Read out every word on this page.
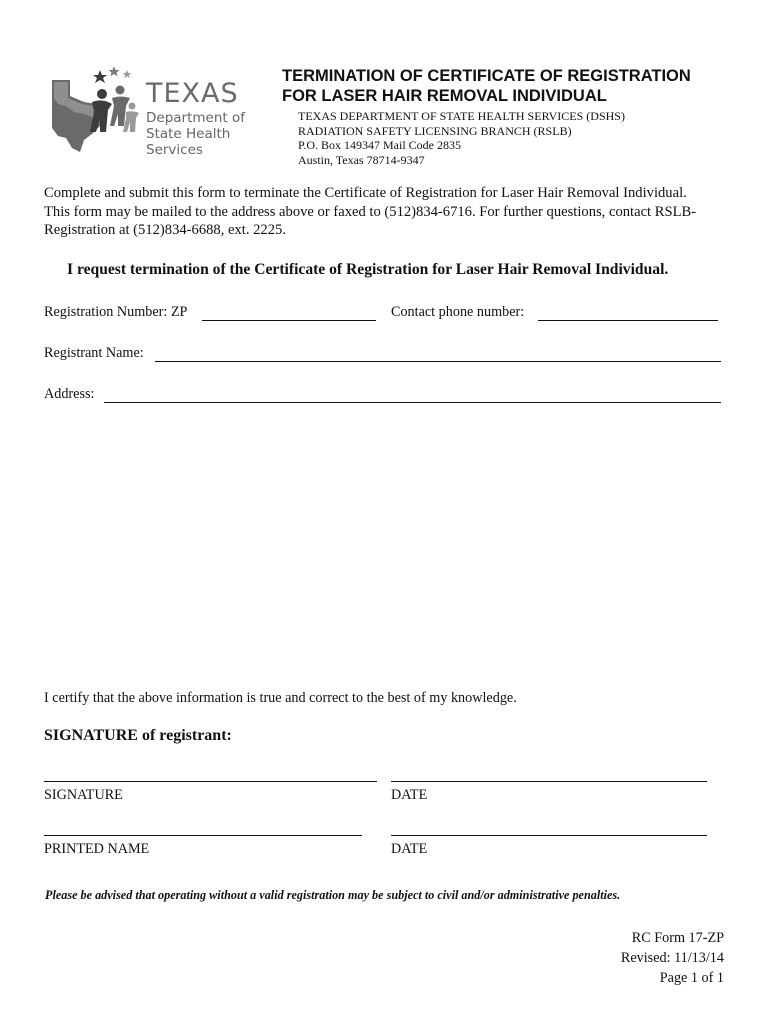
TEXAS
Department of
State Health Services
TERMINATION OF CERTIFICATE OF REGISTRATION
FOR LASER HAIR REMOVAL INDIVIDUAL
TEXAS DEPARTMENT OF STATE HEALTH SERVICES (DSHS)
RADIATION SAFETY LICENSING BRANCH (RSLB)
P.O. Box 149347 Mail Code 2835
Austin, Texas 78714-9347
Complete and submit this form to terminate the Certificate of Registration for Laser Hair Removal Individual.
This form may be mailed to the address above or faxed to (512)834-6716. For further questions, contact RSLB-
Registration at (512)834-6688, ext. 2225.
I request termination of the Certificate of Registration for Laser Hair Removal Individual.
Registration Number: ZP	Contact phone number:
Registrant Name:
Address:
I certify that the above information is true and correct to the best of my knowledge.
SIGNATURE of registrant:
SIGNATURE	DATE
PRINTED NAME	DATE
Please be advised that operating without a valid registration may be subject to civil and/or administrative penalties.
RC Form 17-ZP
Revised: 11/13/14
Page 1 of 1
